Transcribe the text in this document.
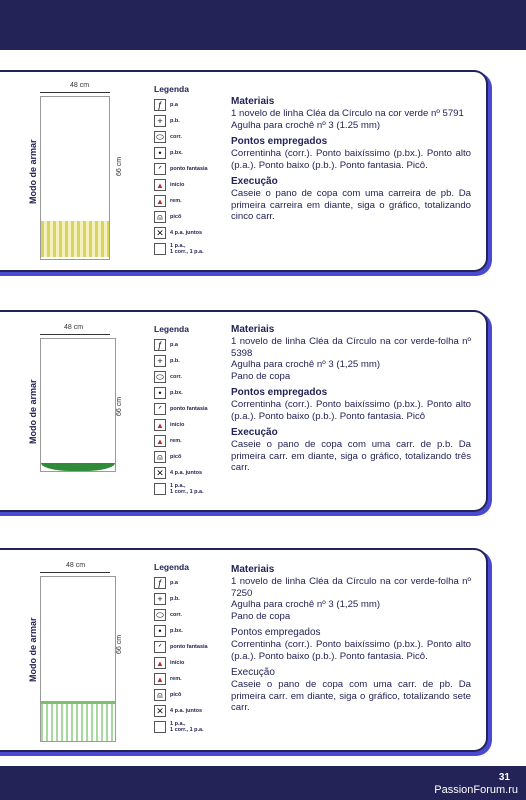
48 cm
Modo de armar	66 cm
Legenda
ƒ	p.a
+	p.b.
⬭	corr.
•	p.bx.
ᐟ	ponto fantasia
▲	início
▲	rem.
⍝	picô
✕	4 p.a. juntos
1 p.a.,
1 corr., 1 p.a.
Materiais
1 novelo de linha Cléa da Círculo na cor verde nº 5791
Agulha para crochê nº 3 (1.25 mm)
Pontos empregados
Correntinha (corr.). Ponto baixíssimo (p.bx.). Ponto alto (p.a.). Ponto baixo (p.b.). Ponto fantasia. Picô.
Execução
Caseie o pano de copa com uma carreira de pb. Da primeira carreira em diante, siga o gráfico, totalizando cinco carr.
48 cm
Modo de armar	66 cm
Legenda
ƒ	p.a
+	p.b.
⬭	corr.
•	p.bx.
ᐟ	ponto fantasia
▲	início
▲	rem.
⍝	picô
✕	4 p.a. juntos
1 p.a.,
1 corr., 1 p.a.
Materiais
1 novelo de linha Cléa da Círculo na cor verde-folha nº 5398
Agulha para crochê nº 3 (1,25 mm)
Pano de copa
Pontos empregados
Correntinha (corr.). Ponto baixíssimo (p.bx.). Ponto alto (p.a.). Ponto baixo (p.b.). Ponto fantasia. Picô
Execução
Caseie o pano de copa com uma carr. de p.b. Da primeira carr. em diante, siga o gráfico, totalizando três carr.
48 cm
Modo de armar	66 cm
Legenda
ƒ	p.a
+	p.b.
⬭	corr.
•	p.bx.
ᐟ	ponto fantasia
▲	início
▲	rem.
⍝	picô
✕	4 p.a. juntos
1 p.a.,
1 corr., 1 p.a.
Materiais
1 novelo de linha Cléa da Círculo na cor verde-folha nº 7250
Agulha para crochê nº 3 (1,25 mm)
Pano de copa
Pontos empregados
Correntinha (corr.). Ponto baixíssimo (p.bx.). Ponto alto (p.a.). Ponto baixo (p.b.). Ponto fantasia. Picô.
Execução
Caseie o pano de copa com uma carr. de pb. Da primeira carr. em diante, siga o gráfico, totalizando sete carr.
31
PassionForum.ru
